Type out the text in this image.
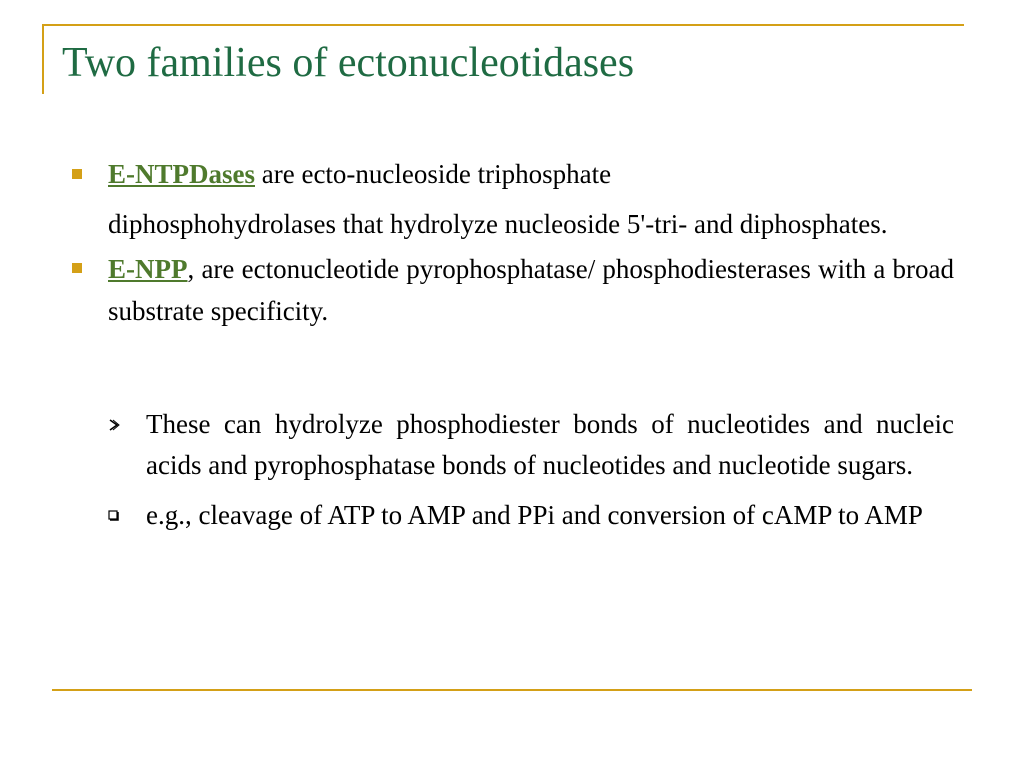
Two families of ectonucleotidases
E-NTPDases are ecto-nucleoside triphosphate
diphosphohydrolases that hydrolyze nucleoside 5'-tri- and diphosphates.
E-NPP, are ectonucleotide pyrophosphatase/ phosphodiesterases with a broad substrate specificity.
These can hydrolyze phosphodiester bonds of nucleotides and nucleic acids and pyrophosphatase bonds of nucleotides and nucleotide sugars.
e.g., cleavage of ATP to AMP and PPi and conversion of cAMP to AMP
